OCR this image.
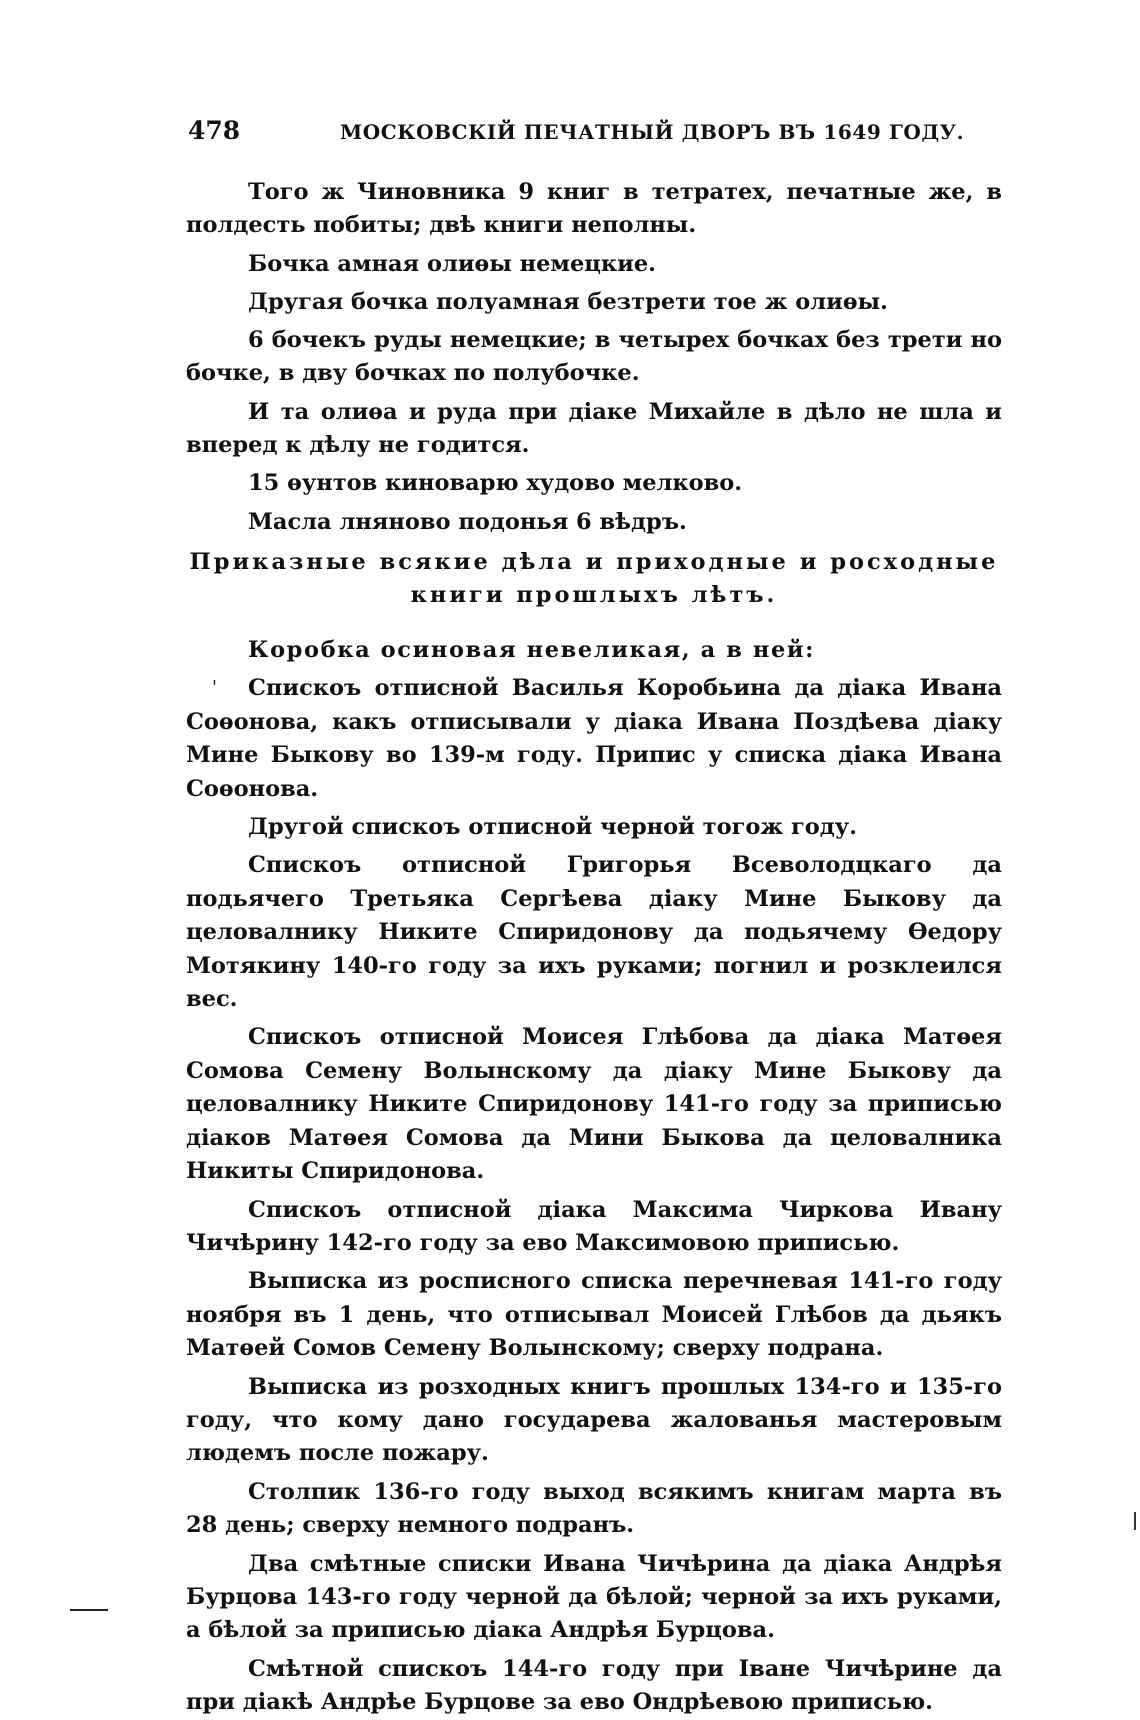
478	МОСКОВСКІЙ ПЕЧАТНЫЙ ДВОРЪ ВЪ 1649 ГОДУ.

Того ж Чиновника 9 книг в тетратех, печатные же, в полдесть побиты; двѣ книги неполны.

Бочка амная олиѳы немецкие.

Другая бочка полуамная безтрети тое ж олиѳы.

6 бочекъ руды немецкие; в четырех бочках без трети но бочке, в дву бочках по полубочке.

И та олиѳа и руда при діаке Михайле в дѣло не шла и вперед к дѣлу не годится.

15 ѳунтов киноварю худово мелково.

Масла лняново подонья 6 вѣдръ.

Приказные всякие дѣла и приходные и росходные книги прошлыхъ лѣтъ.

Коробка осиновая невеликая, а в ней:

Спискоъ отписной Василья Коробьина да діака Ивана Соѳонова, какъ отписывали у діака Ивана Поздѣева діаку Мине Быкову во 139-м году. Припис у списка діака Ивана Соѳонова.

Другой спискоъ отписной черной тогож году.

Спискоъ отписной Григорья Всеволодцкаго да подьячего Третьяка Сергѣева діаку Мине Быкову да целовалнику Никите Спиридонову да подьячему Ѳедору Мотякину 140-го году за ихъ руками; погнил и розклеился вес.

Спискоъ отписной Моисея Глѣбова да діака Матѳея Сомова Семену Волынскому да діаку Мине Быкову да целовалнику Никите Спиридонову 141-го году за приписью діаков Матѳея Сомова да Мини Быкова да целовалника Никиты Спиридонова.

Спискоъ отписной діака Максима Чиркова Ивану Чичѣрину 142-го году за ево Максимовою приписью.

Выписка из росписного списка перечневая 141-го году ноября въ 1 день, что отписывал Моисей Глѣбов да дьякъ Матѳей Сомов Семену Волынскому; сверху подрана.

Выписка из розходных книгъ прошлых 134-го и 135-го году, что кому дано государева жалованья мастеровым людемъ после пожару.

Столпик 136-го году выход всякимъ книгам марта въ 28 день; сверху немного подранъ.

Два смѣтные списки Ивана Чичѣрина да діака Андрѣя Бурцова 143-го году черной да бѣлой; черной за ихъ руками, а бѣлой за приписью діака Андрѣя Бурцова.

Смѣтной спискоъ 144-го году при Іване Чичѣрине да при діакѣ Андрѣе Бурцове за ево Ондрѣевою приписью.

'
